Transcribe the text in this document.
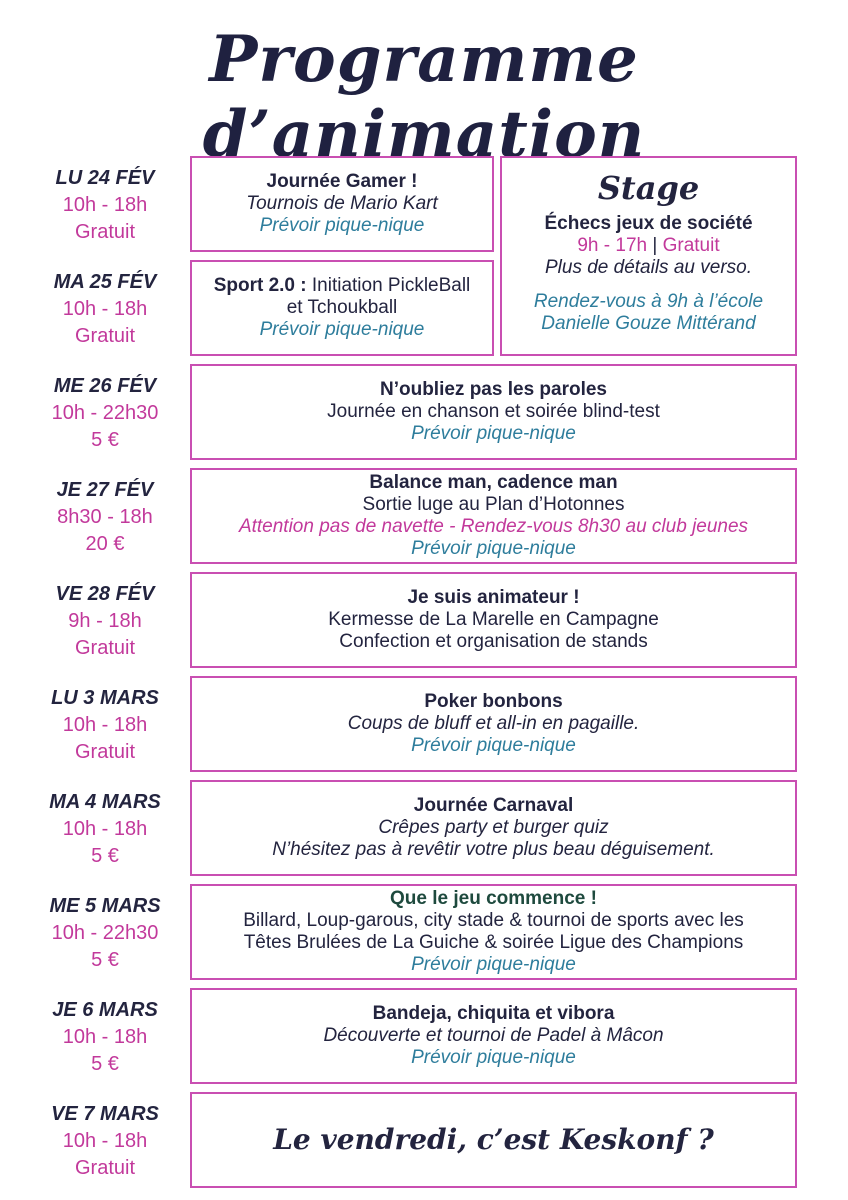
Programme d’animation
LU 24 FÉV
10h - 18h
Gratuit
MA 25 FÉV
10h - 18h
Gratuit
ME 26 FÉV
10h - 22h30
5 €
JE 27 FÉV
8h30 - 18h
20 €
VE 28 FÉV
9h - 18h
Gratuit
LU 3 MARS
10h - 18h
Gratuit
MA 4 MARS
10h - 18h
5 €
ME 5 MARS
10h - 22h30
5 €
JE 6 MARS
10h - 18h
5 €
VE 7 MARS
10h - 18h
Gratuit
Journée Gamer !
Tournois de Mario Kart
Prévoir pique-nique
Sport 2.0 : Initiation PickleBall
et Tchoukball
Prévoir pique-nique
Stage
Échecs jeux de société
9h - 17h | Gratuit
Plus de détails au verso.
Rendez-vous à 9h à l’école
Danielle Gouze Mittérand
N’oubliez pas les paroles
Journée en chanson et soirée blind-test
Prévoir pique-nique
Balance man, cadence man
Sortie luge au Plan d’Hotonnes
Attention pas de navette - Rendez-vous 8h30 au club jeunes
Prévoir pique-nique
Je suis animateur !
Kermesse de La Marelle en Campagne
Confection et organisation de stands
Poker bonbons
Coups de bluff et all-in en pagaille.
Prévoir pique-nique
Journée Carnaval
Crêpes party et burger quiz
N’hésitez pas à revêtir votre plus beau déguisement.
Que le jeu commence !
Billard, Loup-garous, city stade & tournoi de sports avec les
Têtes Brulées de La Guiche & soirée Ligue des Champions
Prévoir pique-nique
Bandeja, chiquita et vibora
Découverte et tournoi de Padel à Mâcon
Prévoir pique-nique
Le vendredi, c’est Keskonf ?
